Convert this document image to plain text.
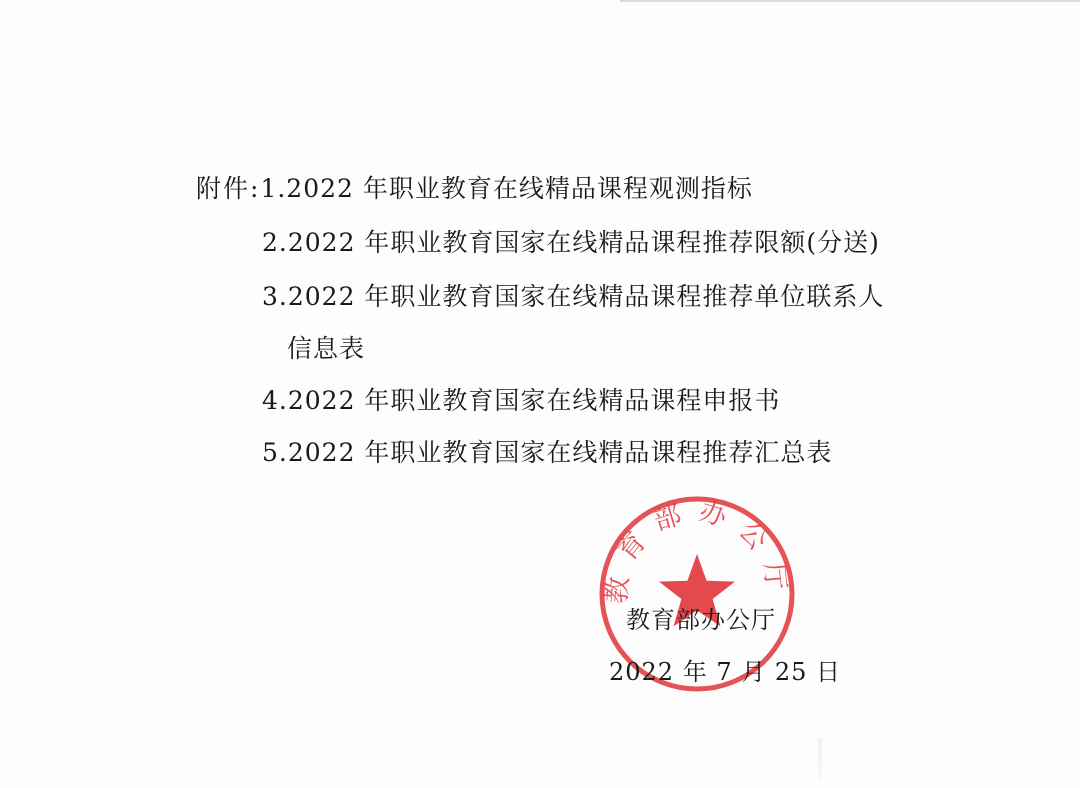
附件:1.2022 年职业教育在线精品课程观测指标
2.2022 年职业教育国家在线精品课程推荐限额(分送)
3.2022 年职业教育国家在线精品课程推荐单位联系人
信息表
4.2022 年职业教育国家在线精品课程申报书
5.2022 年职业教育国家在线精品课程推荐汇总表
教育部办公厅
教育部办公厅
2022 年 7 月 25 日
